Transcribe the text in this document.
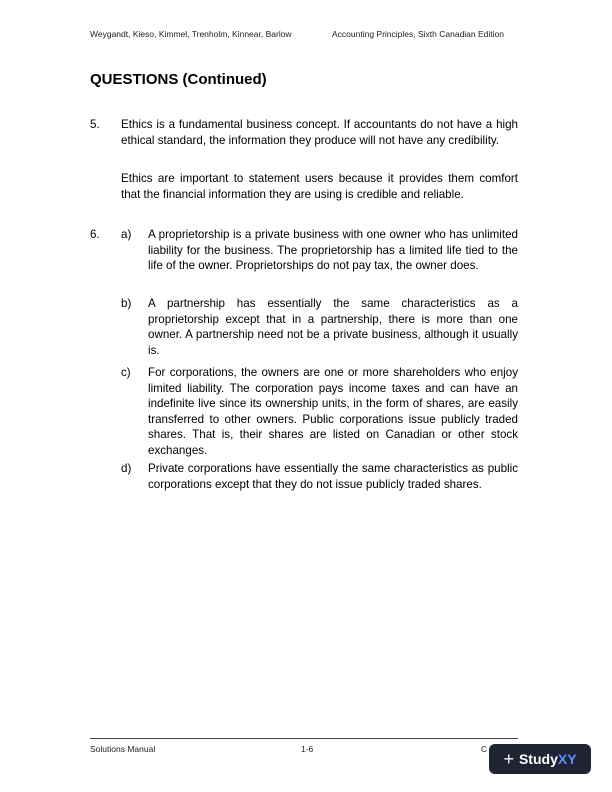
Weygandt, Kieso, Kimmel, Trenholm, Kinnear, Barlow	Accounting Principles, Sixth Canadian Edition
QUESTIONS (Continued)
5. Ethics is a fundamental business concept. If accountants do not have a high ethical standard, the information they produce will not have any credibility.

Ethics are important to statement users because it provides them comfort that the financial information they are using is credible and reliable.

6. a) A proprietorship is a private business with one owner who has unlimited liability for the business. The proprietorship has a limited life tied to the life of the owner. Proprietorships do not pay tax, the owner does.

b) A partnership has essentially the same characteristics as a proprietorship except that in a partnership, there is more than one owner. A partnership need not be a private business, although it usually is.

c) For corporations, the owners are one or more shareholders who enjoy limited liability. The corporation pays income taxes and can have an indefinite live since its ownership units, in the form of shares, are easily transferred to other owners. Public corporations issue publicly traded shares. That is, their shares are listed on Canadian or other stock exchanges.

d) Private corporations have essentially the same characteristics as public corporations except that they do not issue publicly traded shares.

Solutions Manual	1-6	C + Study XY
